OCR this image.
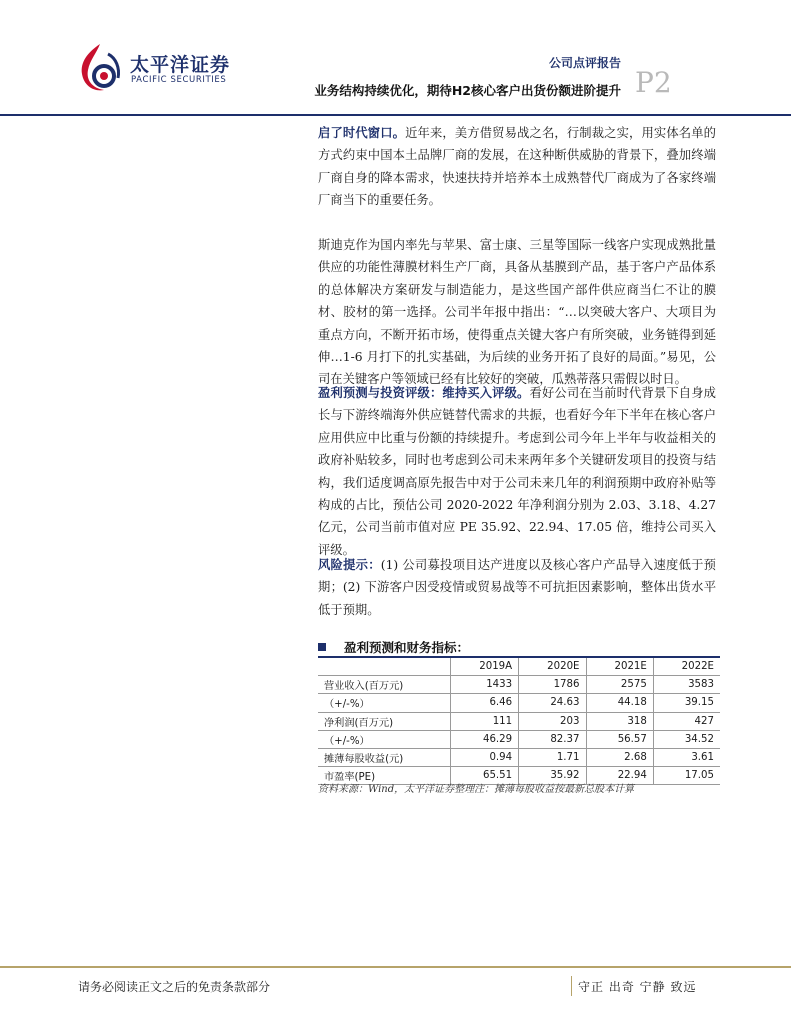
太平洋证券
PACIFIC SECURITIES
公司点评报告
业务结构持续优化，期待H2核心客户出货份额进阶提升 P2
启了时代窗口。近年来，美方借贸易战之名，行制裁之实，用实体名单的方式约束中国本土品牌厂商的发展，在这种断供威胁的背景下，叠加终端厂商自身的降本需求，快速扶持并培养本土成熟替代厂商成为了各家终端厂商当下的重要任务。
斯迪克作为国内率先与苹果、富士康、三星等国际一线客户实现成熟批量供应的功能性薄膜材料生产厂商，具备从基膜到产品，基于客户产品体系的总体解决方案研发与制造能力，是这些国产部件供应商当仁不让的膜材、胶材的第一选择。公司半年报中指出：“…以突破大客户、大项目为重点方向，不断开拓市场，使得重点关键大客户有所突破，业务链得到延伸…1-6 月打下的扎实基础，为后续的业务开拓了良好的局面。”易见，公司在关键客户等领域已经有比较好的突破，瓜熟蒂落只需假以时日。
盈利预测与投资评级：维持买入评级。看好公司在当前时代背景下自身成长与下游终端海外供应链替代需求的共振，也看好今年下半年在核心客户应用供应中比重与份额的持续提升。考虑到公司今年上半年与收益相关的政府补贴较多，同时也考虑到公司未来两年多个关键研发项目的投资与结构，我们适度调高原先报告中对于公司未来几年的利润预期中政府补贴等构成的占比，预估公司 2020-2022 年净利润分别为 2.03、3.18、4.27 亿元，公司当前市值对应 PE 35.92、22.94、17.05 倍，维持公司买入评级。
风险提示：(1) 公司募投项目达产进度以及核心客户产品导入速度低于预期；(2) 下游客户因受疫情或贸易战等不可抗拒因素影响，整体出货水平低于预期。
盈利预测和财务指标：
	2019A	2020E	2021E	2022E
营业收入(百万元)	1433	1786	2575	3583
（+/-%）	6.46	24.63	44.18	39.15
净利润(百万元)	111	203	318	427
（+/-%）	46.29	82.37	56.57	34.52
摊薄每股收益(元)	0.94	1.71	2.68	3.61
市盈率(PE)	65.51	35.92	22.94	17.05
资料来源：Wind，太平洋证券整理注：摊薄每股收益按最新总股本计算
请务必阅读正文之后的免责条款部分	守正 出奇 宁静 致远
